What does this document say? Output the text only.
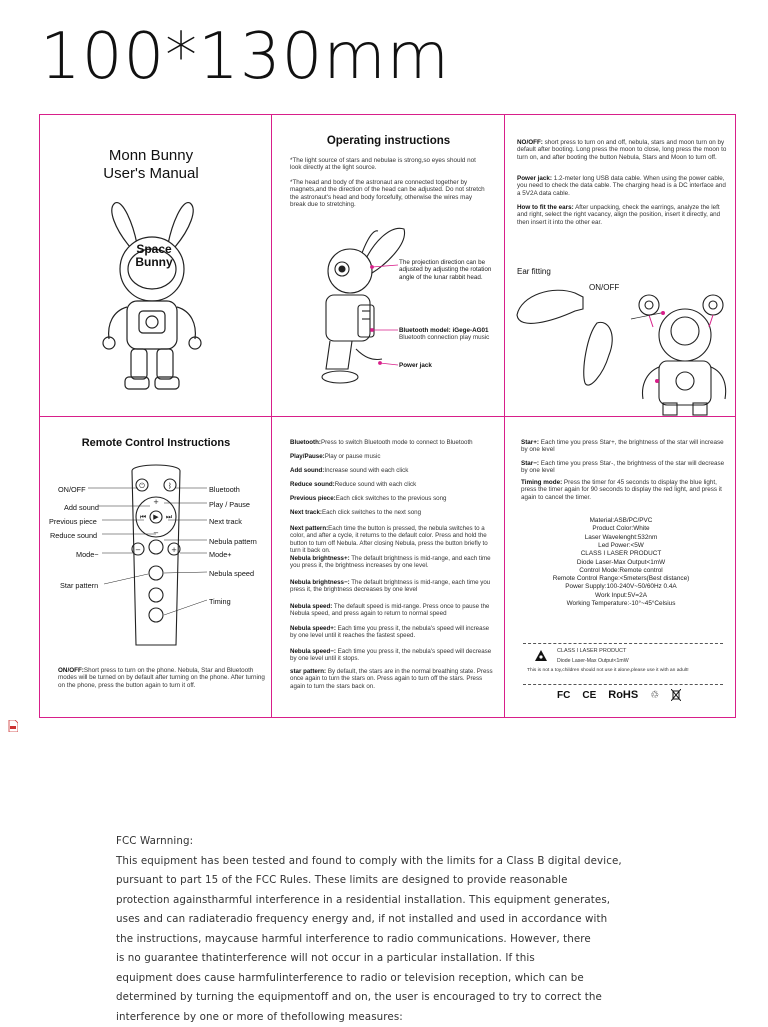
100*130mm
Monn Bunny
User's Manual
Space
Bunny
Operating instructions
*The light source of stars and nebulae is strong,so eyes should not look directly at the light source.
*The head and body of the astronaut are connected together by magnets,and the direction of the head can be adjusted. Do not stretch the astronaut's head and body forcefully, otherwise the wires may break due to stretching.
The projection direction can be adjusted by adjusting the rotation angle of the lunar rabbit head.
Bluetooth model: iGege-AG01
Bluetooth connection play music
Power jack
NO/OFF: short press to turn on and off, nebula, stars and moon turn on by default after booting. Long press the moon to close, long press the moon to turn on, and after booting the button Nebula, Stars and Moon to turn off.
Power jack: 1.2-meter long USB data cable. When using the power cable, you need to check the data cable. The charging head is a DC interface and a 5V2A data cable.
How to fit the ears: After unpacking, check the earrings, analyze the left and right, select the right vacancy, align the position, insert it directly, and then insert it into the other ear.
Ear fitting
ON/OFF
Remote Control Instructions
⏻	ᛒ
▶
+
−
⏮	⏭
−	+
ON/OFF
Add sound
Previous piece
Reduce sound
Mode−
Star pattern
Bluetooth
Play / Pause
Next track
Nebula pattern
Mode+
Nebula speed
Timing
ON/OFF:Short press to turn on the phone. Nebula, Star and Bluetooth modes will be turned on by default after turning on the phone. After turning on the phone, press the button again to turn it off.
Bluetooth:Press to switch Bluetooth mode to connect to Bluetooth
Play/Pause:Play or pause music
Add sound:Increase sound with each click
Reduce sound:Reduce sound with each click
Previous piece:Each click switches to the previous song
Next track:Each click switches to the next song
Next pattern:Each time the button is pressed, the nebula switches to a color, and after a cycle, it returns to the default color. Press and hold the button to turn off Nebula. After closing Nebula, press the button briefly to turn it back on.
Nebula brightness+: The default brightness is mid-range, and each time you press it, the brightness increases by one level.
Nebula brightness−: The default brightness is mid-range, each time you press it, the brightness decreases by one level
Nebula speed: The default speed is mid-range. Press once to pause the Nebula speed, and press again to return to normal speed
Nebula speed+: Each time you press it, the nebula's speed will increase by one level until it reaches the fastest speed.
Nebula speed−: Each time you press it, the nebula's speed will decrease by one level until it stops.
star pattern: By default, the stars are in the normal breathing state. Press once again to turn the stars on. Press again to turn off the stars. Press again to turn the stars back on.
Star+: Each time you press Star+, the brightness of the star will increase by one level
Star−: Each time you press Star-, the brightness of the star will decrease by one level
Timing mode: Press the timer for 45 seconds to display the blue light, press the timer again for 90 seconds to display the red light, and press it again to cancel the timer.
Material:ASB/PC/PVC
Product Color:White
Laser Wavelenght:532nm
Led Power:<5W
CLASS I LASER PRODUCT
Diode Laser-Max Output<1mW
Control Mode:Remote control
Remote Control Range:<5meters(Best distance)
Power Supply:100-240V~50/60Hz 0.4A
Work Input:5V=2A
Working Temperature:-10°~45°Celsius
CLASS I LASER PRODUCT
Diode Laser-Max Output<1mW
This is not a toy,children should not use it alone,please use it with an adult!
FC CE RoHS ♲
FCC Warnning:
This equipment has been tested and found to comply with the limits for a Class B digital device,
pursuant to part 15 of the FCC Rules. These limits are designed to provide reasonable
protection againstharmful interference in a residential installation. This equipment generates,
uses and can radiateradio frequency energy and, if not installed and used in accordance with
the instructions, maycause harmful interference to radio communications. However, there
is no guarantee thatinterference will not occur in a particular installation. If this
equipment does cause harmfulinterference to radio or television reception, which can be
determined by turning the equipmentoff and on, the user is encouraged to try to correct the
interference by one or more of thefollowing measures:
